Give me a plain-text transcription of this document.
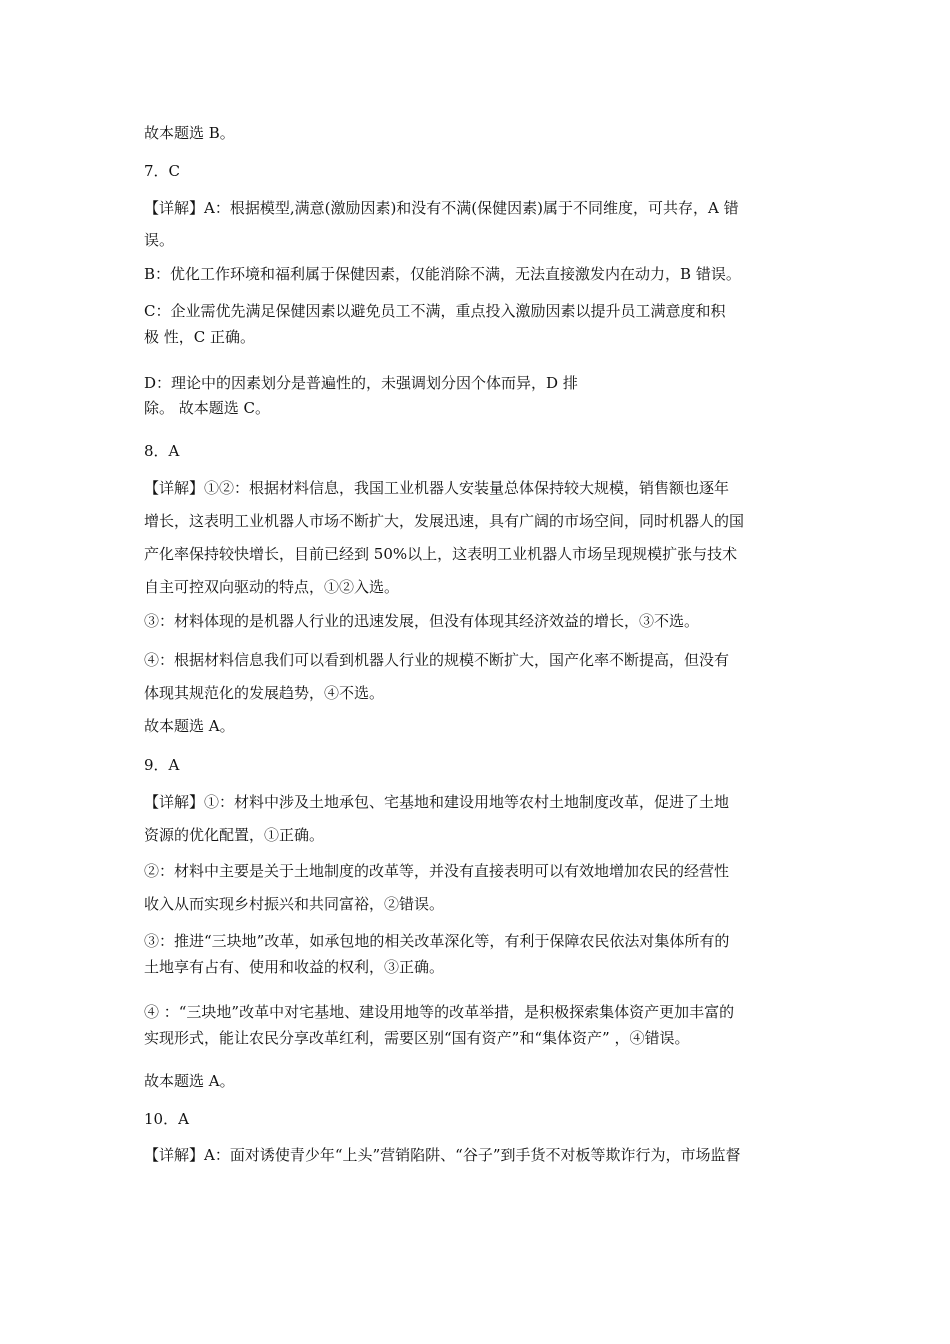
故本题选 B。
7．C
【详解】A：根据模型,满意(激励因素)和没有不满(保健因素)属于不同维度，可共存，A 错
误。
B：优化工作环境和福利属于保健因素，仅能消除不满，无法直接激发内在动力，B 错误。
C：企业需优先满足保健因素以避免员工不满，重点投入激励因素以提升员工满意度和积
极 性，C 正确。
D：理论中的因素划分是普遍性的，未强调划分因个体而异，D 排
除。 故本题选 C。
8．A
【详解】①②：根据材料信息，我国工业机器人安装量总体保持较大规模，销售额也逐年
增长，这表明工业机器人市场不断扩大，发展迅速，具有广阔的市场空间，同时机器人的国
产化率保持较快增长，目前已经到 50%以上，这表明工业机器人市场呈现规模扩张与技术
自主可控双向驱动的特点，①②入选。
③：材料体现的是机器人行业的迅速发展，但没有体现其经济效益的增长，③不选。
④：根据材料信息我们可以看到机器人行业的规模不断扩大，国产化率不断提高，但没有
体现其规范化的发展趋势，④不选。
故本题选 A。
9．A
【详解】①：材料中涉及土地承包、宅基地和建设用地等农村土地制度改革，促进了土地
资源的优化配置，①正确。
②：材料中主要是关于土地制度的改革等，并没有直接表明可以有效地增加农民的经营性
收入从而实现乡村振兴和共同富裕，②错误。
③：推进“三块地”改革，如承包地的相关改革深化等，有利于保障农民依法对集体所有的
土地享有占有、使用和收益的权利，③正确。
④ ：“三块地”改革中对宅基地、建设用地等的改革举措，是积极探索集体资产更加丰富的
实现形式，能让农民分享改革红利，需要区别“国有资产”和“集体资产” ，④错误。
故本题选 A。
10．A
【详解】A：面对诱使青少年“上头”营销陷阱、“谷子”到手货不对板等欺诈行为，市场监督
